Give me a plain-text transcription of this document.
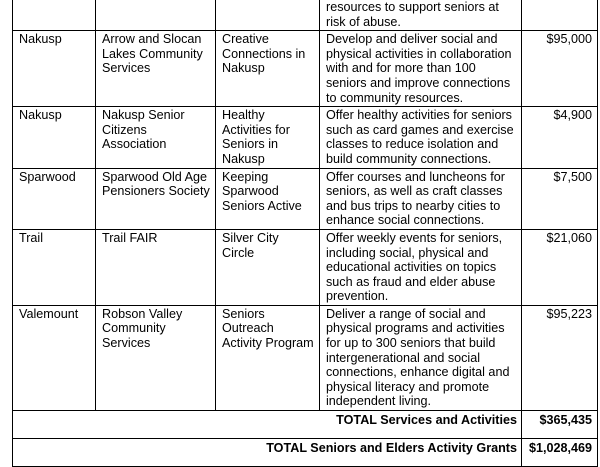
			resources to support seniors at risk of abuse.	
Nakusp	Arrow and Slocan Lakes Community Services	Creative Connections in Nakusp	Develop and deliver social and physical activities in collaboration with and for more than 100 seniors and improve connections to community resources.	$95,000
Nakusp	Nakusp Senior Citizens Association	Healthy Activities for Seniors in Nakusp	Offer healthy activities for seniors such as card games and exercise classes to reduce isolation and build community connections.	$4,900
Sparwood	Sparwood Old Age Pensioners Society	Keeping Sparwood Seniors Active	Offer courses and luncheons for seniors, as well as craft classes and bus trips to nearby cities to enhance social connections.	$7,500
Trail	Trail FAIR	Silver City Circle	Offer weekly events for seniors, including social, physical and educational activities on topics such as fraud and elder abuse prevention.	$21,060
Valemount	Robson Valley Community Services	Seniors Outreach Activity Program	Deliver a range of social and physical programs and activities for up to 300 seniors that build intergenerational and social connections, enhance digital and physical literacy and promote independent living.	$95,223
TOTAL Services and Activities				$365,435
TOTAL Seniors and Elders Activity Grants				$1,028,469
